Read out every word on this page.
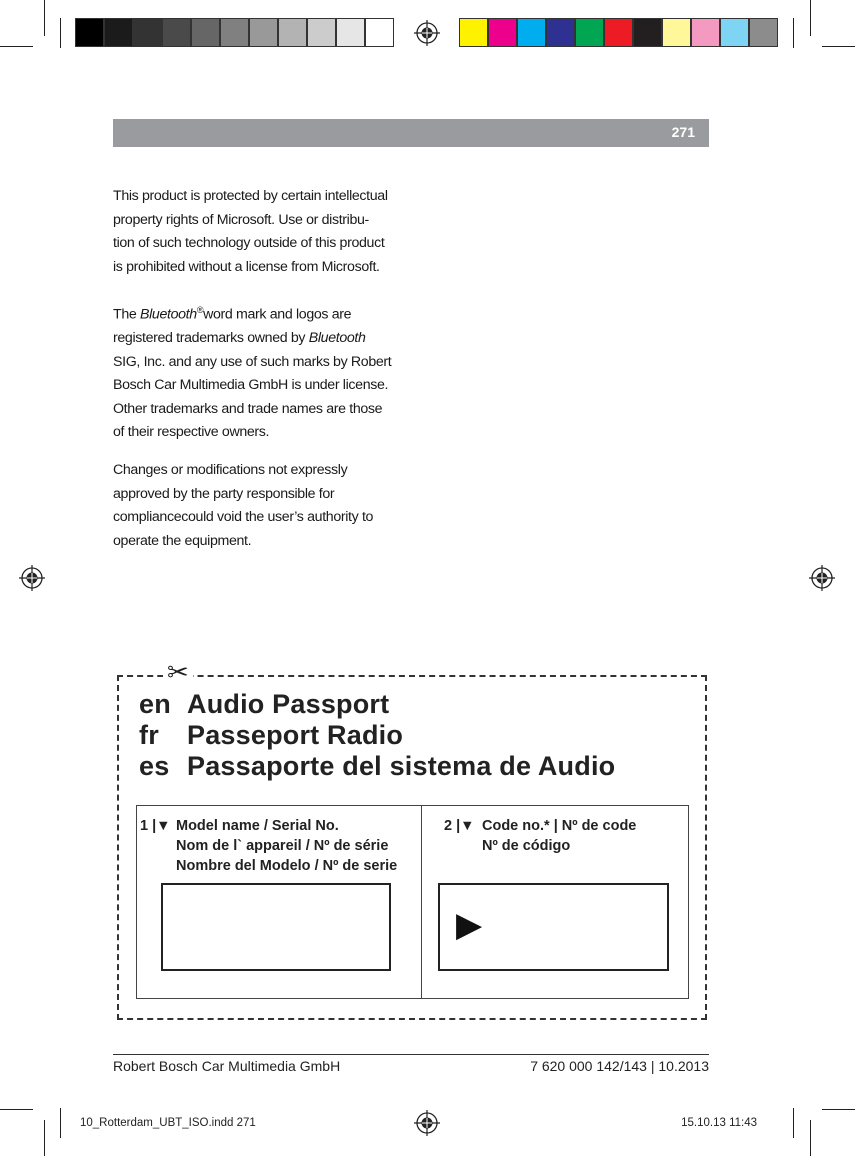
271

This product is protected by certain intellectual

property rights of Microsoft. Use or distribu-

tion of such technology outside of this product

is prohibited without a license from Microsoft.

The Bluetooth®word mark and logos are

registered trademarks owned by Bluetooth

SIG, Inc. and any use of such marks by Robert

Bosch Car Multimedia GmbH is under license.

Other trademarks and trade names are those

of their respective owners.

Changes or modifications not expressly

approved by the party responsible for

compliancecould void the user’s authority to

operate the equipment.

✂
en Audio Passport
fr Passeport Radio
es Passaporte del sistema de Audio
1 |▼ Model name / Serial No.
Nom de l` appareil / Nº de série
Nombre del Modelo / Nº de serie
2 |▼ Code no.* | Nº de code
Nº de código
▶
Robert Bosch Car Multimedia GmbH	7 620 000 142/143 | 10.2013
10_Rotterdam_UBT_ISO.indd 271	15.10.13 11:43
